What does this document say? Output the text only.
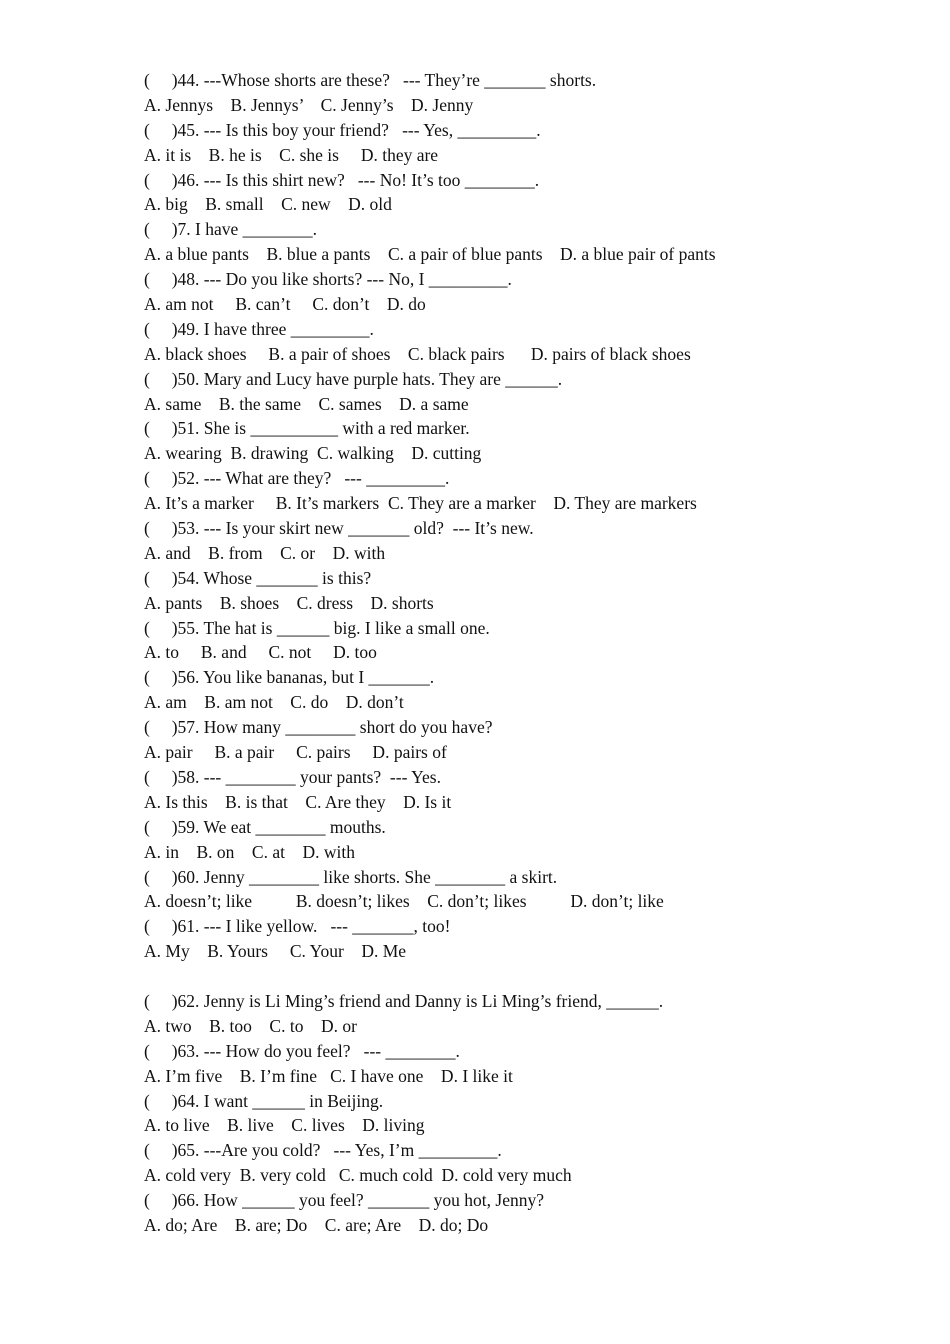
(     )44. ---Whose shorts are these?   --- They’re _______ shorts.
A. Jennys    B. Jennys’    C. Jenny’s    D. Jenny
(     )45. --- Is this boy your friend?   --- Yes, _________.
A. it is    B. he is    C. she is     D. they are
(     )46. --- Is this shirt new?   --- No! It’s too ________.
A. big    B. small    C. new    D. old
(     )7. I have ________.
A. a blue pants    B. blue a pants    C. a pair of blue pants    D. a blue pair of pants
(     )48. --- Do you like shorts? --- No, I _________.
A. am not     B. can’t     C. don’t    D. do
(     )49. I have three _________.
A. black shoes     B. a pair of shoes    C. black pairs      D. pairs of black shoes
(     )50. Mary and Lucy have purple hats. They are ______.
A. same    B. the same    C. sames    D. a same
(     )51. She is __________ with a red marker.
A. wearing  B. drawing  C. walking    D. cutting
(     )52. --- What are they?   --- _________.
A. It’s a marker     B. It’s markers  C. They are a marker    D. They are markers
(     )53. --- Is your skirt new _______ old?  --- It’s new.
A. and    B. from    C. or    D. with
(     )54. Whose _______ is this?
A. pants    B. shoes    C. dress    D. shorts
(     )55. The hat is ______ big. I like a small one.
A. to     B. and     C. not     D. too
(     )56. You like bananas, but I _______.
A. am    B. am not    C. do    D. don’t
(     )57. How many ________ short do you have?
A. pair     B. a pair     C. pairs     D. pairs of
(     )58. --- ________ your pants?  --- Yes.
A. Is this    B. is that    C. Are they    D. Is it
(     )59. We eat ________ mouths.
A. in    B. on    C. at    D. with
(     )60. Jenny ________ like shorts. She ________ a skirt.
A. doesn’t; like          B. doesn’t; likes    C. don’t; likes          D. don’t; like
(     )61. --- I like yellow.   --- _______, too!
A. My    B. Yours     C. Your    D. Me
(     )62. Jenny is Li Ming’s friend and Danny is Li Ming’s friend, ______.
A. two    B. too    C. to    D. or
(     )63. --- How do you feel?   --- ________.
A. I’m five    B. I’m fine   C. I have one    D. I like it
(     )64. I want ______ in Beijing.
A. to live    B. live    C. lives    D. living
(     )65. ---Are you cold?   --- Yes, I’m _________.
A. cold very  B. very cold   C. much cold  D. cold very much
(     )66. How ______ you feel? _______ you hot, Jenny?
A. do; Are    B. are; Do    C. are; Are    D. do; Do
